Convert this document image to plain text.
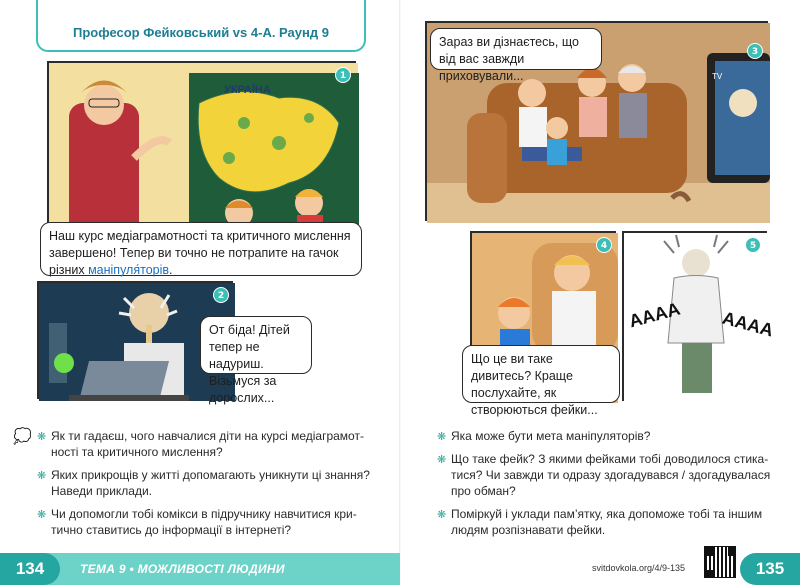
Професор Фейковський vs 4-А. Раунд 9
УКРАЇНА
1
Наш курс медіаграмотності та критичного мислення завершено! Тепер ви точно не потрапите на гачок різних маніпуля́торів.
2
От біда! Дітей тепер не надуриш. Візьмуся за дорослих...
TV
3
Зараз ви дізнаєтесь, що від вас завжди приховували...
4
Що це ви таке дивитесь? Краще послухайте, як створюються фейки...
AAAA AAAA
5
💭 ❋ Як ти гадаєш, чого навчалися діти на курсі медіаграмотності та критичного мислення?
❋ Яких прикрощів у житті допомагають уникнути ці знання? Наведи приклади.
❋ Чи допомогли тобі комікси в підручнику навчитися критично ставитись до інформації в інтернеті?
❋ Яка може бути мета маніпуляторів?
❋ Що таке фейк? З якими фейками тобі доводилося стикатися? Чи завжди ти одразу здогадувався / здогадувалася про обман?
❋ Поміркуй і уклади пам’ятку, яка допоможе тобі та іншим людям розпізнавати фейки.
134	ТЕМА 9 • МОЖЛИВОСТІ ЛЮДИНИ	svitdovkola.org/4/9-135	135
